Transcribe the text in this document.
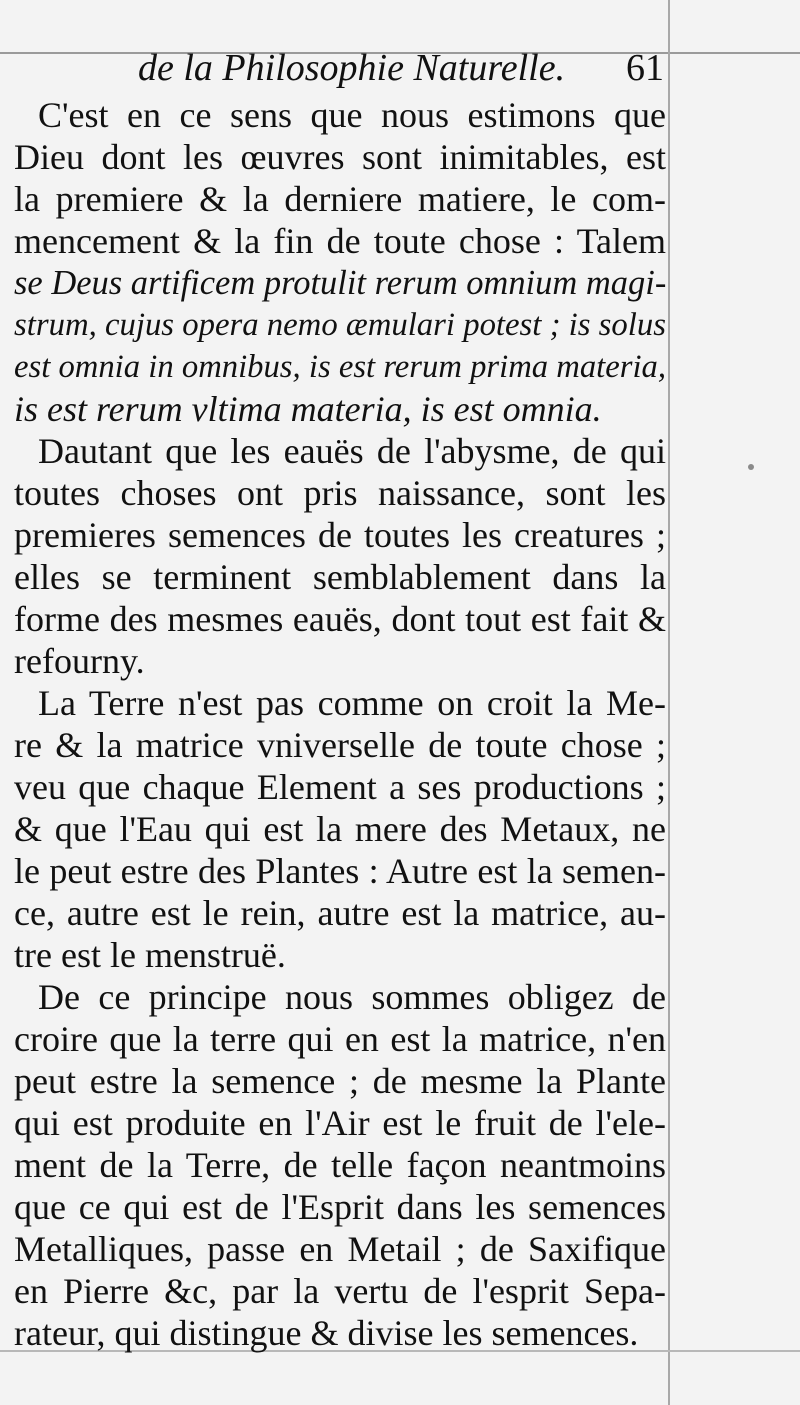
de la Philosophie Naturelle. 61
C'est en ce sens que nous estimons que
Dieu dont les œuvres sont inimitables, est
la premiere & la derniere matiere, le com-
mencement & la fin de toute chose : Talem
se Deus artificem protulit rerum omnium magi-
strum, cujus opera nemo æmulari potest ; is solus
est omnia in omnibus, is est rerum prima materia,
is est rerum vltima materia, is est omnia.
Dautant que les eauës de l'abysme, de qui
toutes choses ont pris naissance, sont les
premieres semences de toutes les creatures ;
elles se terminent semblablement dans la
forme des mesmes eauës, dont tout est fait &
refourny.
La Terre n'est pas comme on croit la Me-
re & la matrice vniverselle de toute chose ;
veu que chaque Element a ses productions ;
& que l'Eau qui est la mere des Metaux, ne
le peut estre des Plantes : Autre est la semen-
ce, autre est le rein, autre est la matrice, au-
tre est le menstruë.
De ce principe nous sommes obligez de
croire que la terre qui en est la matrice, n'en
peut estre la semence ; de mesme la Plante
qui est produite en l'Air est le fruit de l'ele-
ment de la Terre, de telle façon neantmoins
que ce qui est de l'Esprit dans les semences
Metalliques, passe en Metail ; de Saxifique
en Pierre &c, par la vertu de l'esprit Sepa-
rateur, qui distingue & divise les semences.
